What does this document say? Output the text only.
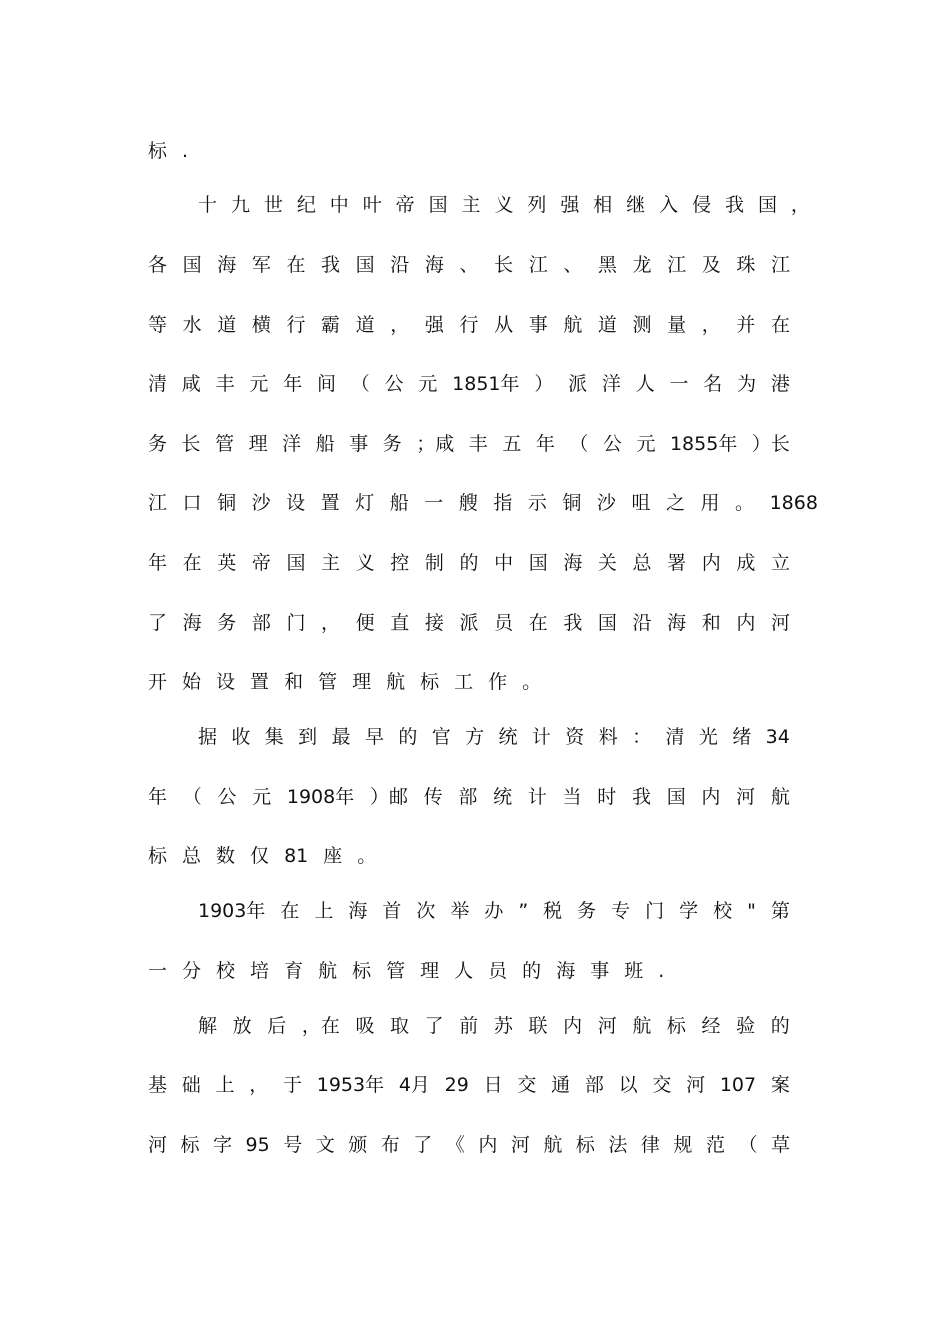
标 .
十 九 世 纪 中 叶 帝 国 主 义 列 强 相 继 入 侵 我 国 ，
各 国 海 军 在 我 国 沿 海 、 长 江 、 黑 龙 江 及 珠 江
等 水 道 横 行 霸 道 ， 强 行 从 事 航 道 测 量 ， 并 在
清 咸 丰 元 年 间 （ 公 元 1851年 ） 派 洋 人 一 名 为 港
务 长 管 理 洋 船 事 务 ；咸 丰 五 年 （ 公 元 1855年 ）长
江 口 铜 沙 设 置 灯 船 一 艘 指 示 铜 沙 咀 之 用 。 1868
年 在 英 帝 国 主 义 控 制 的 中 国 海 关 总 署 内 成 立
了 海 务 部 门 ， 便 直 接 派 员 在 我 国 沿 海 和 内 河
开 始 设 置 和 管 理 航 标 工 作 。
据 收 集 到 最 早 的 官 方 统 计 资 料 ： 清 光 绪 34
年 （ 公 元 1908年 ）邮 传 部 统 计 当 时 我 国 内 河 航
标 总 数 仅 81 座 。
1903年 在 上 海 首 次 举 办 ” 税 务 专 门 学 校 " 第
一 分 校 培 育 航 标 管 理 人 员 的 海 事 班 .
解 放 后 ，在 吸 取 了 前 苏 联 内 河 航 标 经 验 的
基 础 上 ， 于 1953年 4月 29 日 交 通 部 以 交 河 107 案
河 标 字 95 号 文 颁 布 了 《 内 河 航 标 法 律 规 范 （ 草
